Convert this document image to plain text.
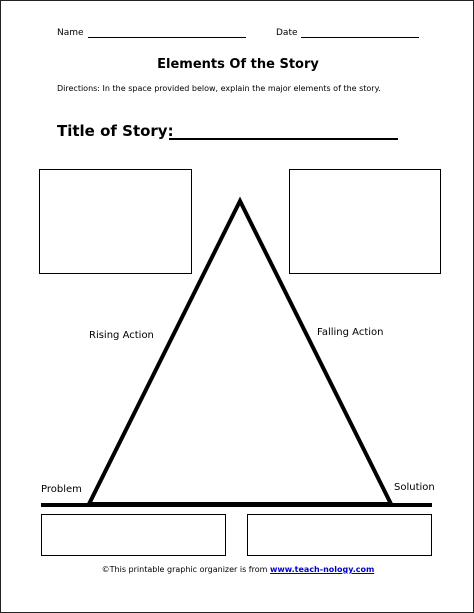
Name	Date
Elements Of the Story
Directions: In the space provided below, explain the major elements of the story.
Title of Story:
Rising Action	Falling Action
Problem	Solution
©This printable graphic organizer is from www.teach-nology.com
